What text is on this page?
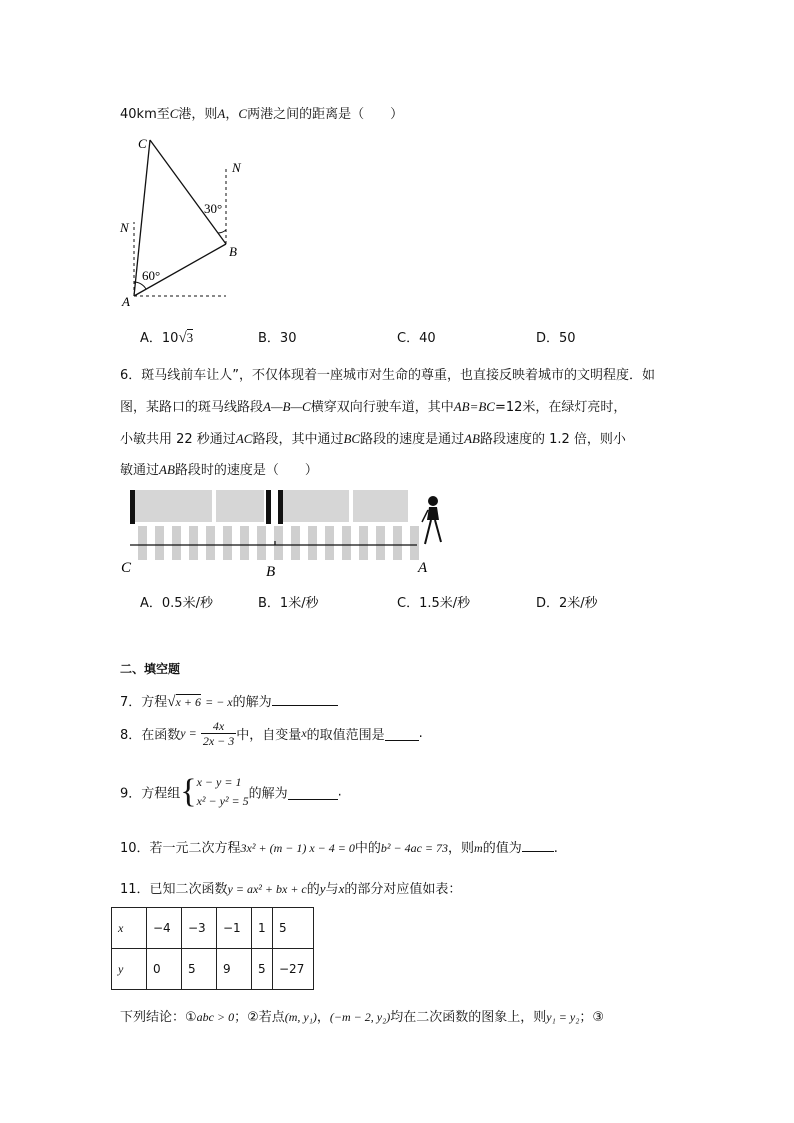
40km至C港，则A，C两港之间的距离是（　　）
C
N
N
B
A
30°
60°
A．10√3	B．30	C．40	D．50
6．斑马线前车让人”，不仅体现着一座城市对生命的尊重，也直接反映着城市的文明程度．如
图，某路口的斑马线路段A—B—C横穿双向行驶车道，其中AB=BC=12米，在绿灯亮时，
小敏共用 22 秒通过AC路段，其中通过BC路段的速度是通过AB路段速度的 1.2 倍，则小
敏通过AB路段时的速度是（　　）
C	B	A
A．0.5米/秒	B．1米/秒	C．1.5米/秒	D．2米/秒
二、填空题
7．方程√x + 6 = − x的解为
8．在函数$y = \frac{4x}{2x - 3}$ 中，自变量x的取值范围是	.
9．方程组{ x − y = 1
x² − y² = 5 的解为	.
10．若一元二次方程3x² + (m − 1) x − 4 = 0中的b² − 4ac = 73，则m的值为 .
11．已知二次函数y = ax² + bx + c的y与x的部分对应值如表：
x	−4	−3	−1	1	5
y	0	5	9	5	−27
下列结论：①abc > 0；②若点(m, y₁)，(−m − 2, y₂)均在二次函数的图象上，则y₁ = y₂；③
